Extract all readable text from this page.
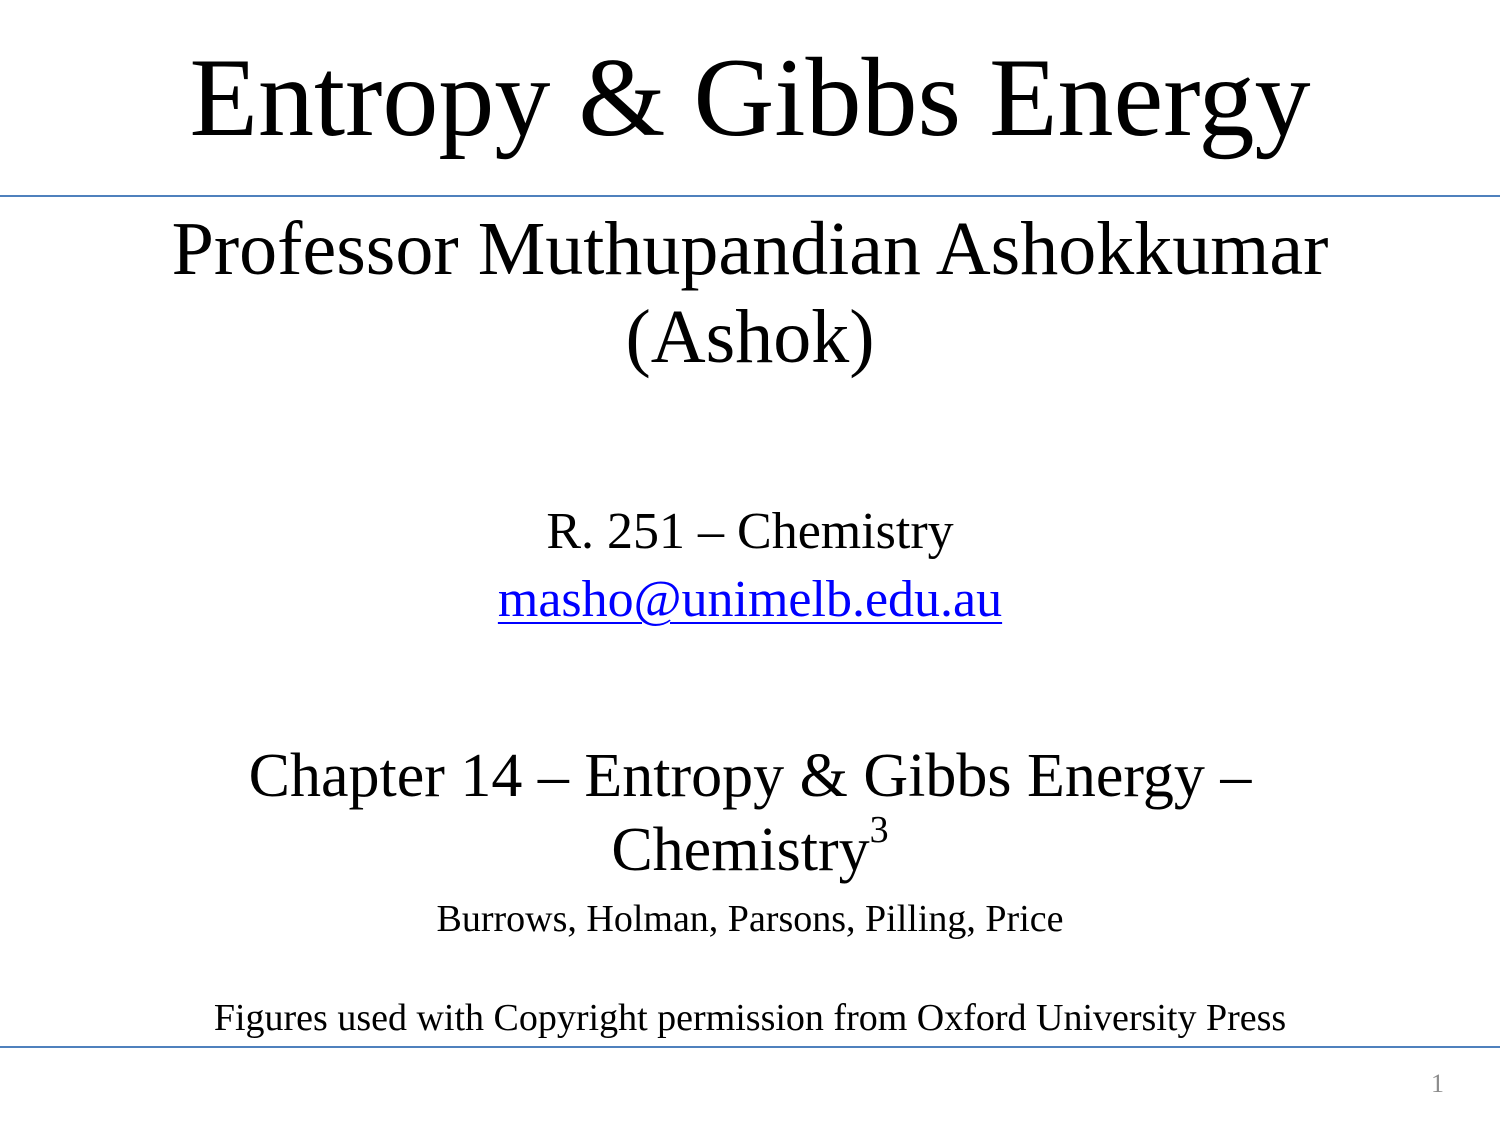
Entropy & Gibbs Energy
Professor Muthupandian Ashokkumar
(Ashok)
R. 251 – Chemistry
masho@unimelb.edu.au
Chapter 14 – Entropy & Gibbs Energy –
Chemistry$^3$
Burrows, Holman, Parsons, Pilling, Price
Figures used with Copyright permission from Oxford University Press
1
